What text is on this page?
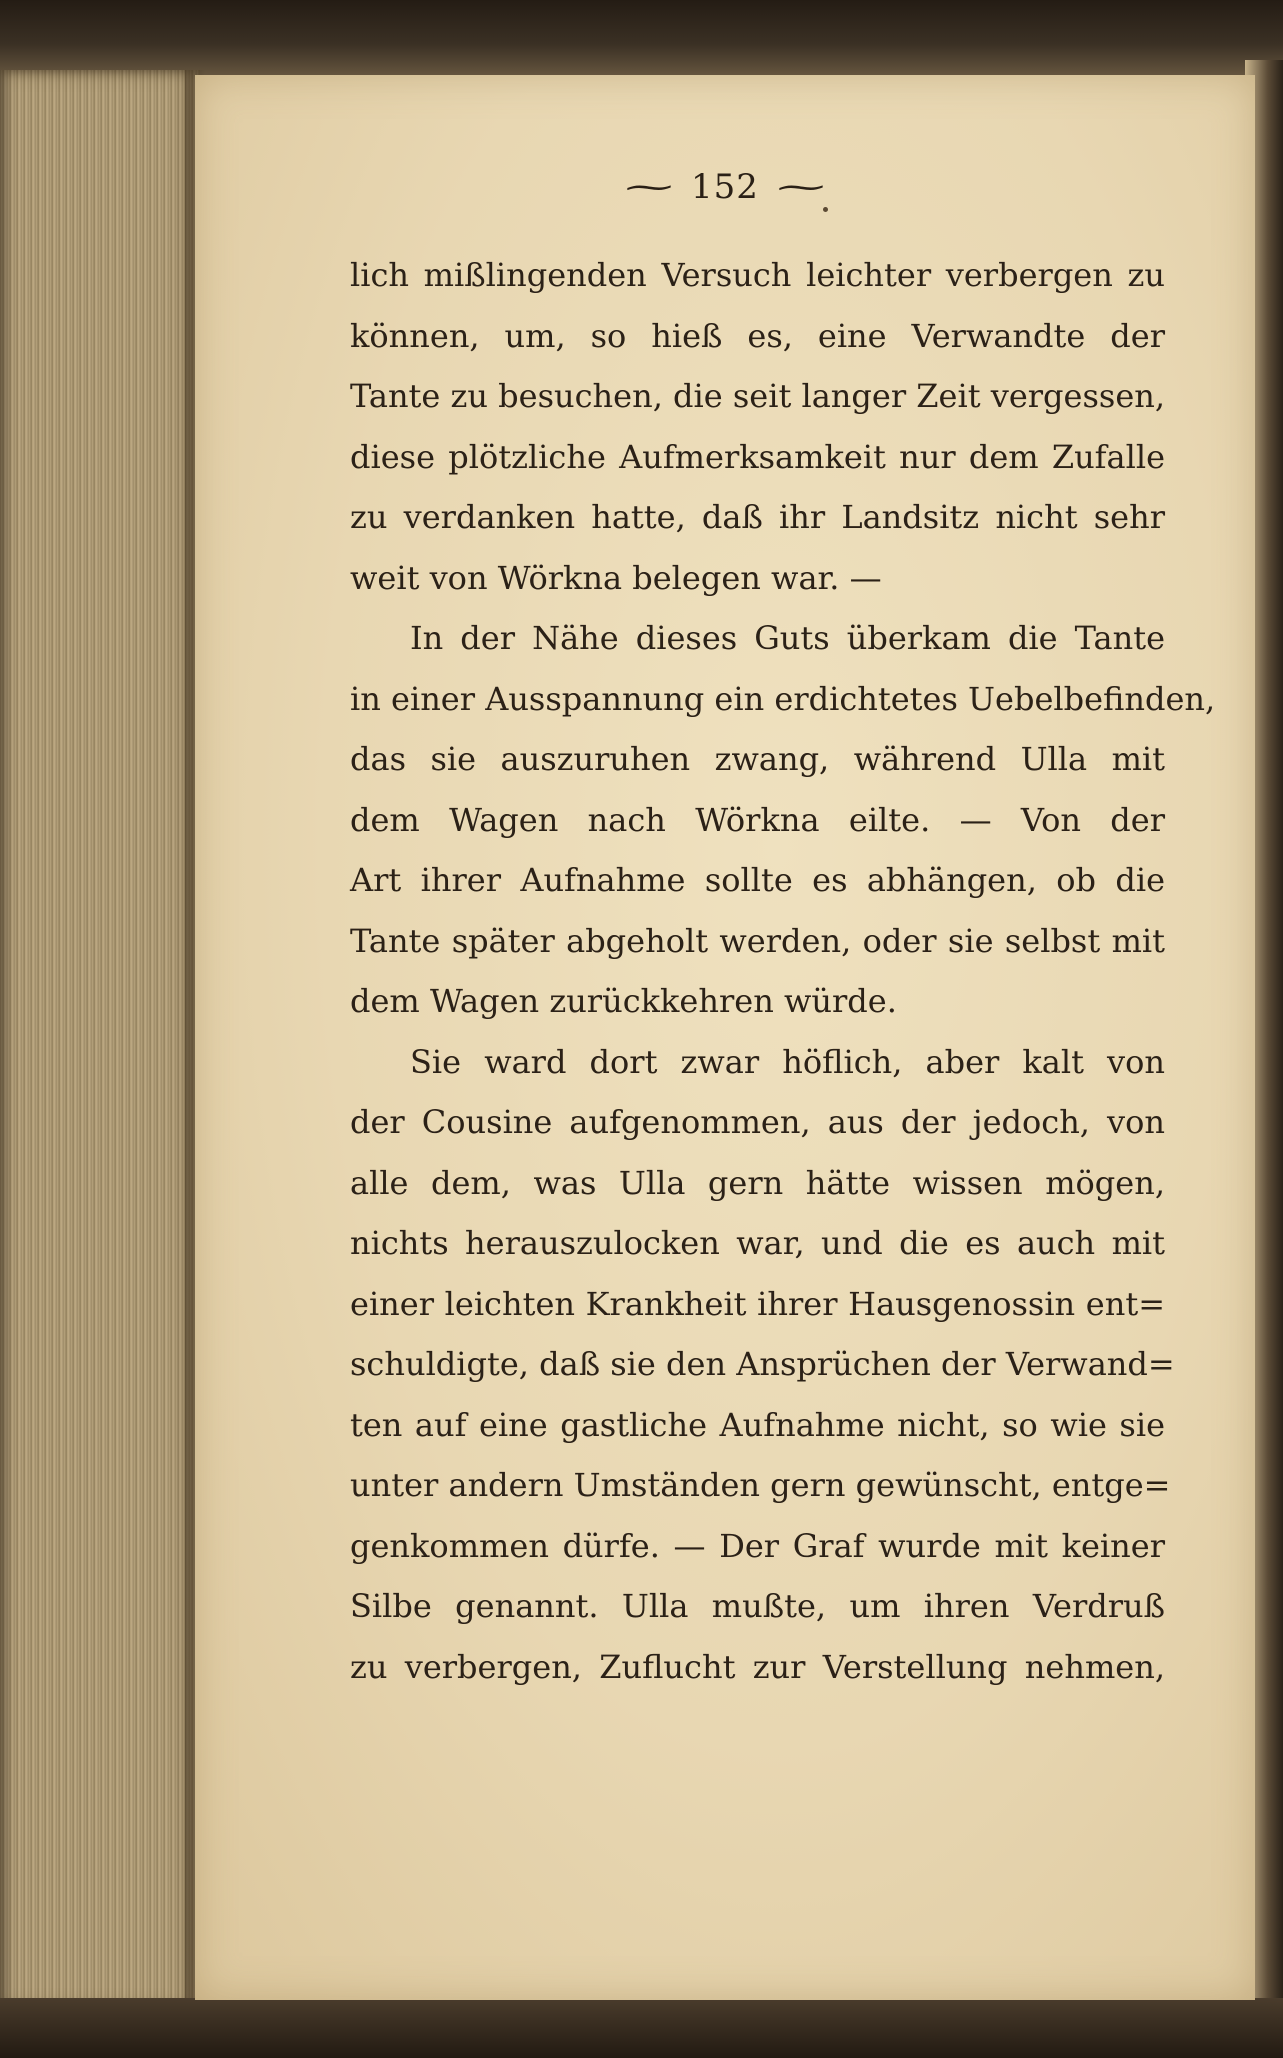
⁓ 152 ⁓
lich mißlingenden Versuch leichter verbergen zu
können, um, so hieß es, eine Verwandte der
Tante zu besuchen, die seit langer Zeit vergessen,
diese plötzliche Aufmerksamkeit nur dem Zufalle
zu verdanken hatte, daß ihr Landsitz nicht sehr
weit von Wörkna belegen war. —
In der Nähe dieses Guts überkam die Tante
in einer Ausspannung ein erdichtetes Uebelbefinden,
das sie auszuruhen zwang, während Ulla mit
dem Wagen nach Wörkna eilte. — Von der
Art ihrer Aufnahme sollte es abhängen, ob die
Tante später abgeholt werden, oder sie selbst mit
dem Wagen zurückkehren würde.
Sie ward dort zwar höflich, aber kalt von
der Cousine aufgenommen, aus der jedoch, von
alle dem, was Ulla gern hätte wissen mögen,
nichts herauszulocken war, und die es auch mit
einer leichten Krankheit ihrer Hausgenossin ent=
schuldigte, daß sie den Ansprüchen der Verwand=
ten auf eine gastliche Aufnahme nicht, so wie sie
unter andern Umständen gern gewünscht, entge=
genkommen dürfe. — Der Graf wurde mit keiner
Silbe genannt. Ulla mußte, um ihren Verdruß
zu verbergen, Zuflucht zur Verstellung nehmen,
